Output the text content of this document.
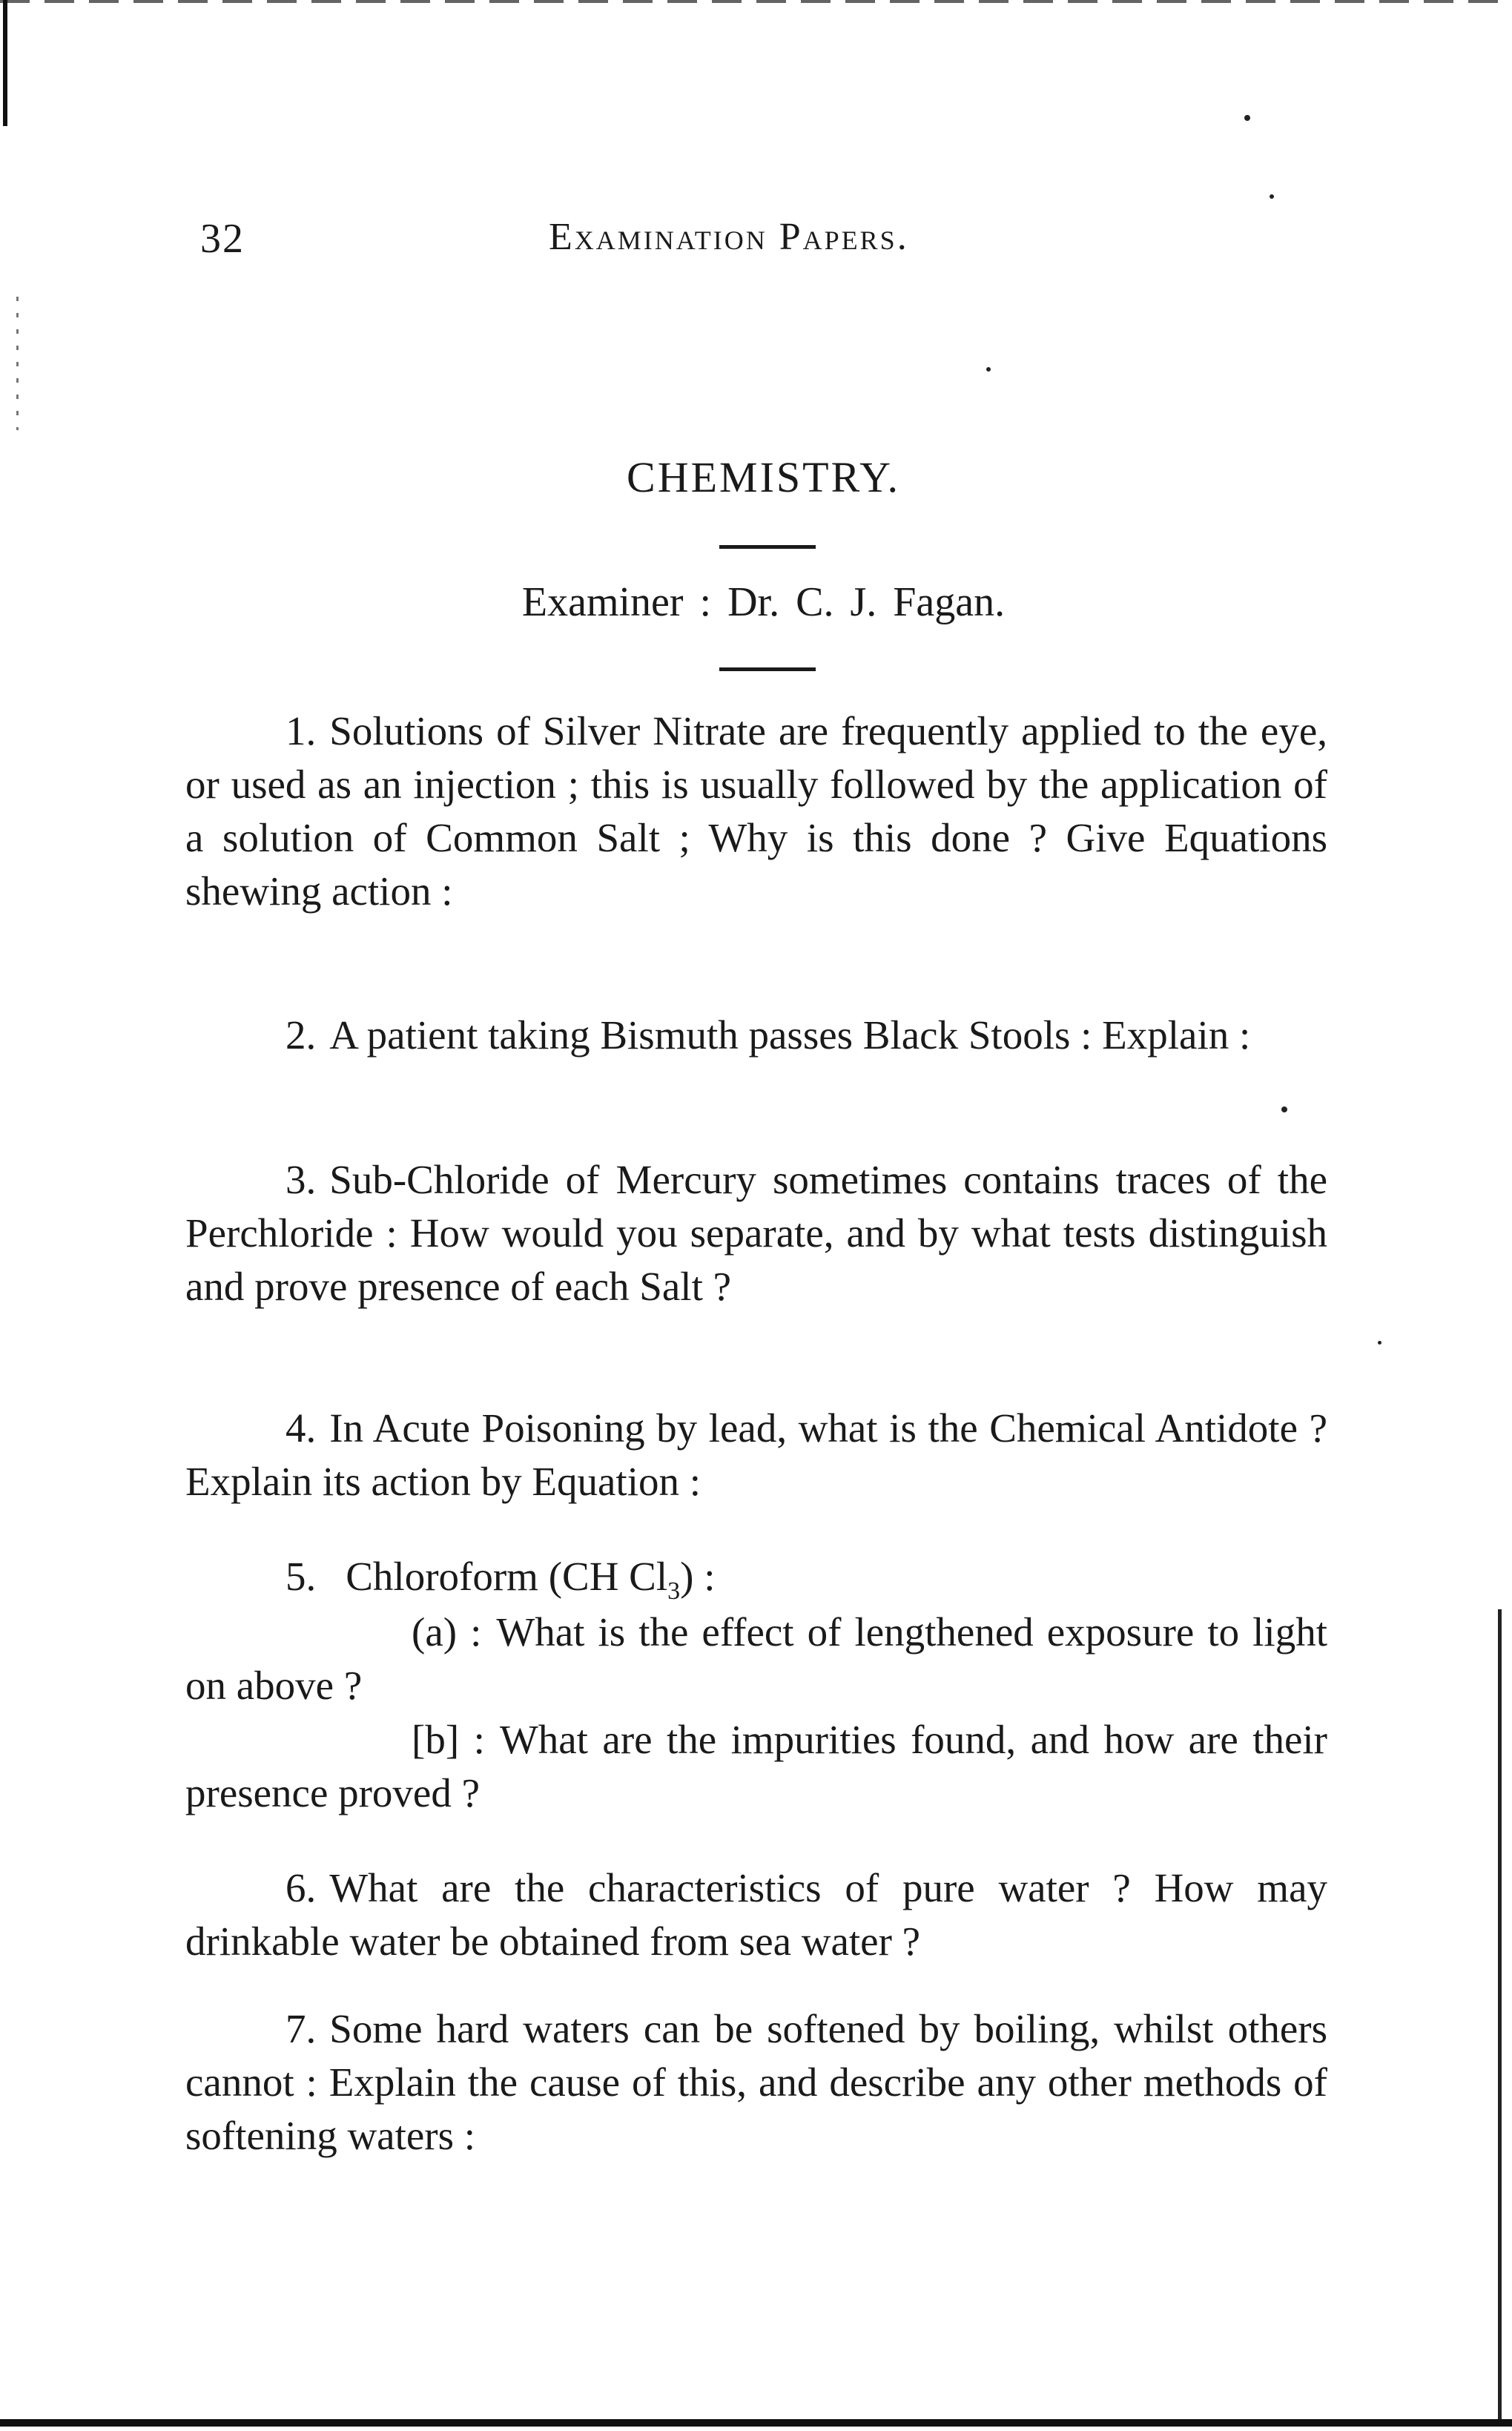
32	Examination Papers.
CHEMISTRY.
Examiner : Dr. C. J. Fagan.
1. Solutions of Silver Nitrate are frequently applied to the eye, or used as an injection ; this is usually followed by the application of a solution of Common Salt ; Why is this done ? Give Equations shewing action :
2. A patient taking Bismuth passes Black Stools : Explain :
3. Sub-Chloride of Mercury sometimes contains traces of the Perchloride : How would you separate, and by what tests distinguish and prove presence of each Salt ?
4. In Acute Poisoning by lead, what is the Chemical Antidote ? Explain its action by Equation :
5. Chloroform (CH $Cl_3$) :
(a) : What is the effect of lengthened exposure to light on above ?
[b] : What are the impurities found, and how are their presence proved ?
6. What are the characteristics of pure water ? How may drinkable water be obtained from sea water ?
7. Some hard waters can be softened by boiling, whilst others cannot : Explain the cause of this, and describe any other methods of softening waters :
